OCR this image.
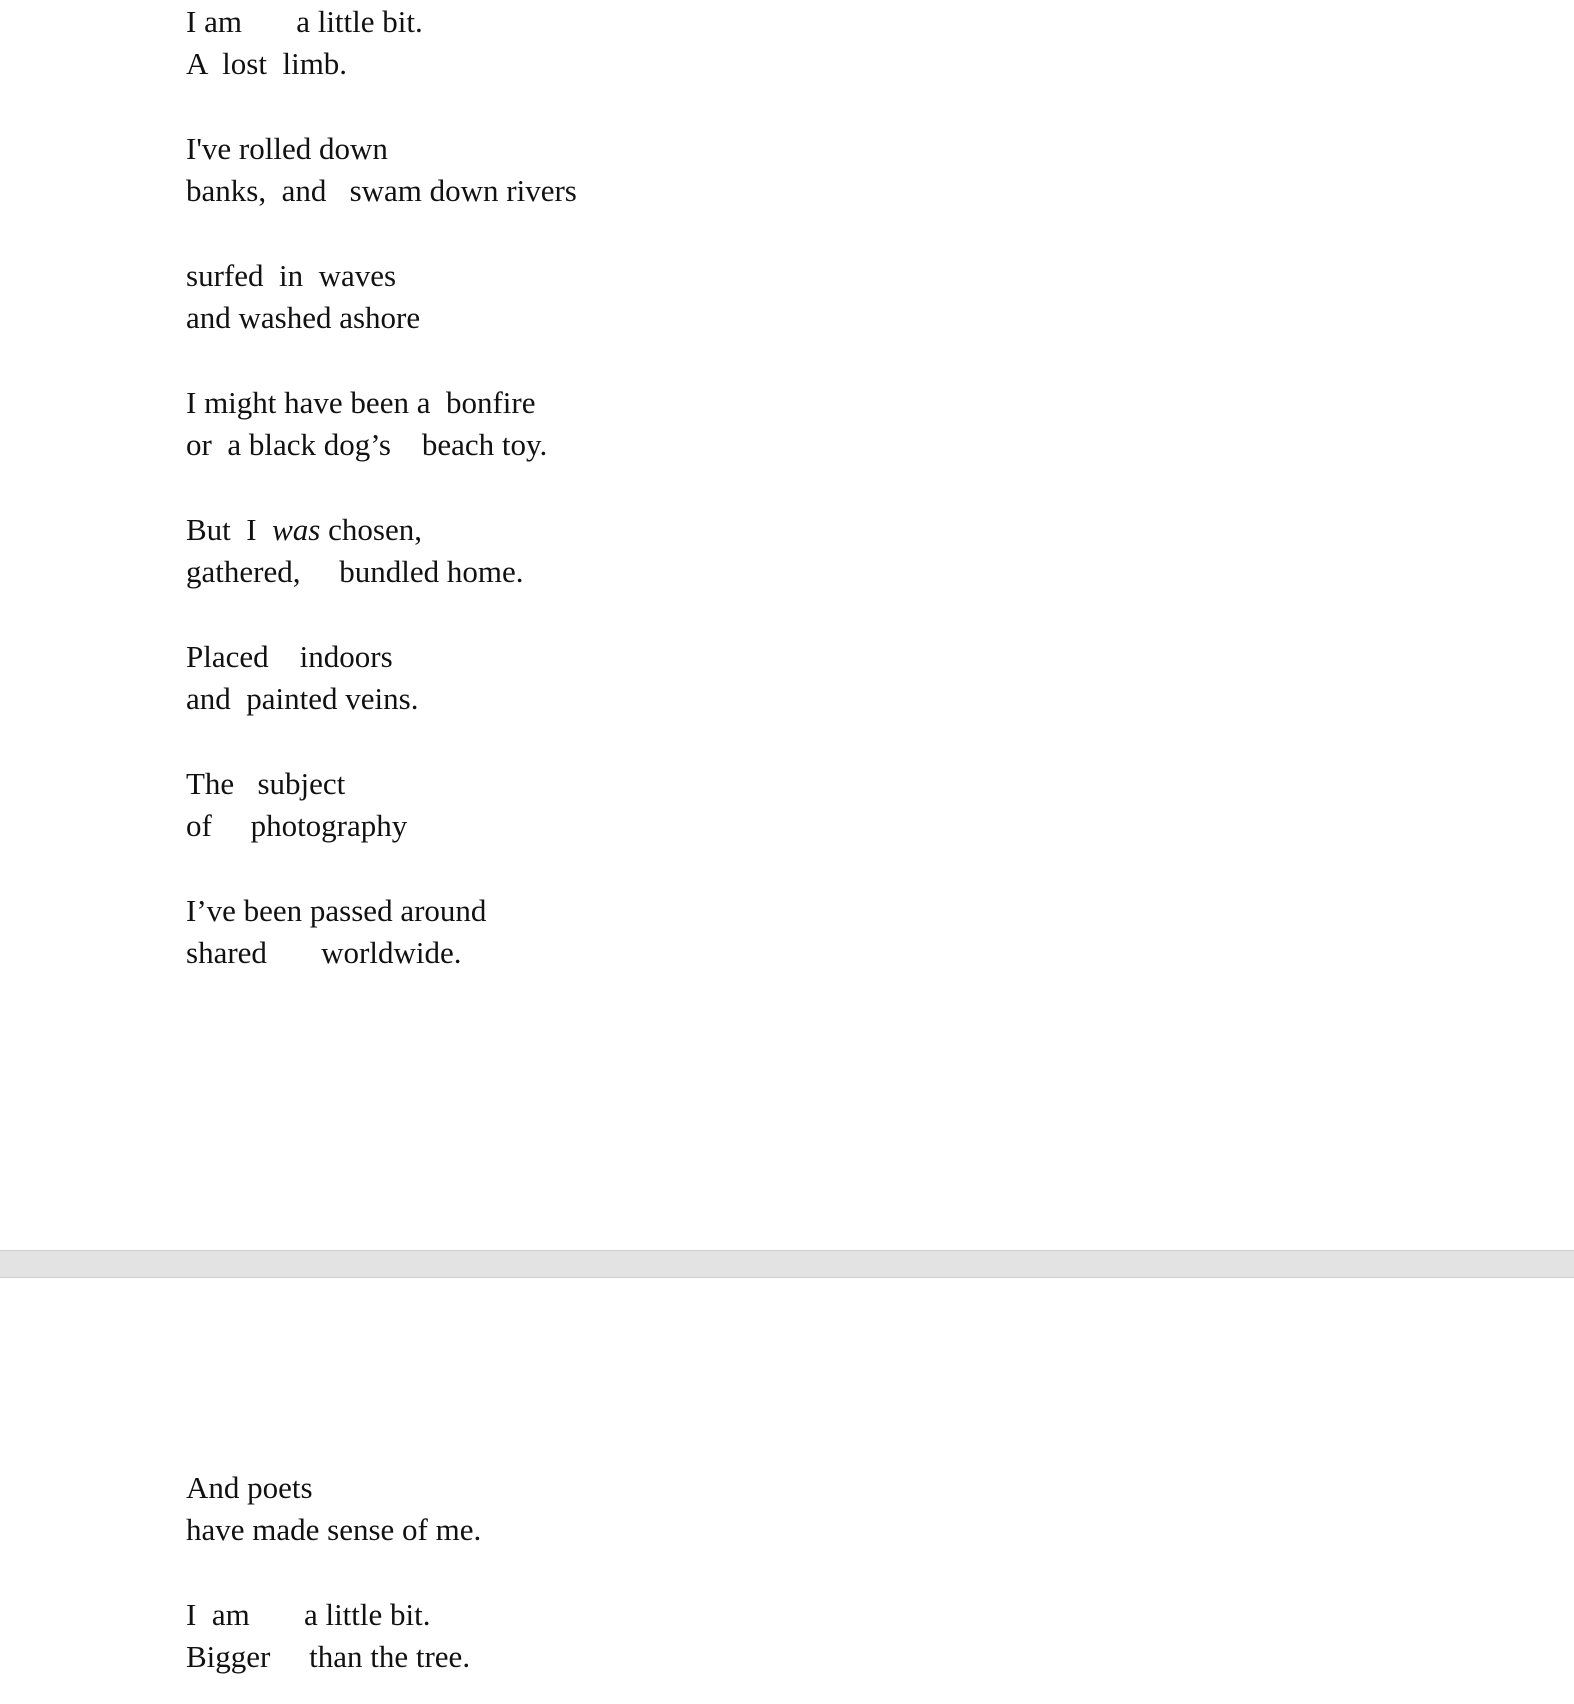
I am       a little bit.
A  lost  limb.
I've rolled down
banks,  and   swam down rivers
surfed  in  waves
and washed ashore
I might have been a  bonfire
or  a black dog’s    beach toy.
But  I  was chosen,
gathered,     bundled home.
Placed    indoors
and  painted veins.
The   subject
of     photography
I’ve been passed around
shared       worldwide.
And poets
have made sense of me.
I  am       a little bit.
Bigger     than the tree.
